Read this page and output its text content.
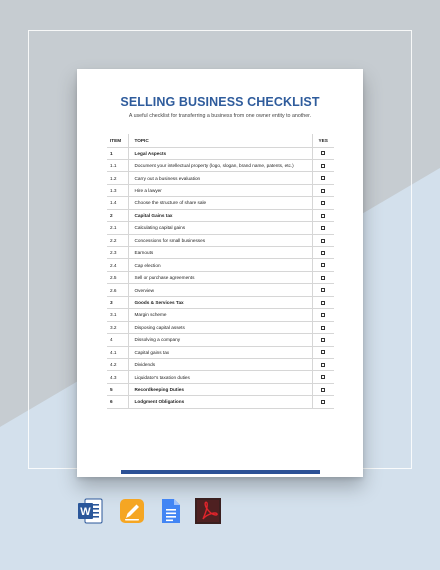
SELLING BUSINESS CHECKLIST
A useful checklist for transferring a business from one owner entity to another.
ITEM	TOPIC	YES
1	Legal Aspects	
1.1	Document your intellectual property (logo, slogan, brand name, patents, etc.)	
1.2	Carry out a business evaluation	
1.3	Hire a lawyer	
1.4	Choose the structure of share sale	
2	Capital Gains tax	
2.1	Calculating capital gains	
2.2	Concessions for small businesses	
2.3	Earnouts	
2.4	Cap election	
2.5	Sell or purchase agreements	
2.6	Overview	
3	Goods & Services Tax	
3.1	Margin scheme	
3.2	Disposing capital assets	
4	Dissolving a company	
4.1	Capital gains tax	
4.2	Dividends	
4.3	Liquidator's taxation duties	
5	Recordkeeping Duties	
6	Lodgment Obligations	
W
